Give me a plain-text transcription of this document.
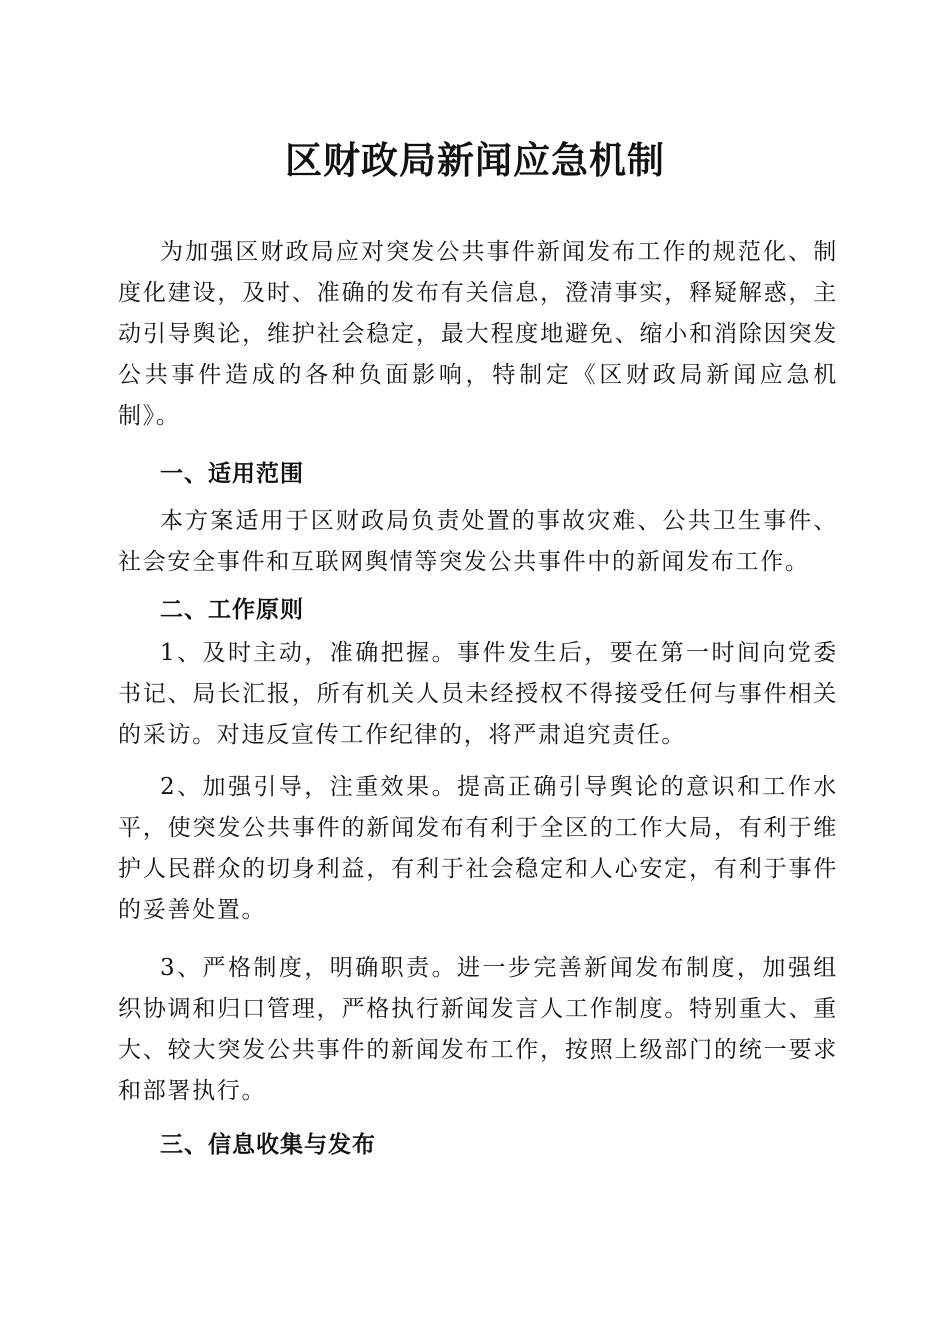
区财政局新闻应急机制

为加强区财政局应对突发公共事件新闻发布工作的规范化、制度化建设，及时、准确的发布有关信息，澄清事实，释疑解惑，主动引导舆论，维护社会稳定，最大程度地避免、缩小和消除因突发公共事件造成的各种负面影响，特制定《区财政局新闻应急机制》。

一、适用范围

本方案适用于区财政局负责处置的事故灾难、公共卫生事件、社会安全事件和互联网舆情等突发公共事件中的新闻发布工作。

二、工作原则

1、及时主动，准确把握。事件发生后，要在第一时间向党委书记、局长汇报，所有机关人员未经授权不得接受任何与事件相关的采访。对违反宣传工作纪律的，将严肃追究责任。

2、加强引导，注重效果。提高正确引导舆论的意识和工作水平，使突发公共事件的新闻发布有利于全区的工作大局，有利于维护人民群众的切身利益，有利于社会稳定和人心安定，有利于事件的妥善处置。

3、严格制度，明确职责。进一步完善新闻发布制度，加强组织协调和归口管理，严格执行新闻发言人工作制度。特别重大、重大、较大突发公共事件的新闻发布工作，按照上级部门的统一要求和部署执行。

三、信息收集与发布
